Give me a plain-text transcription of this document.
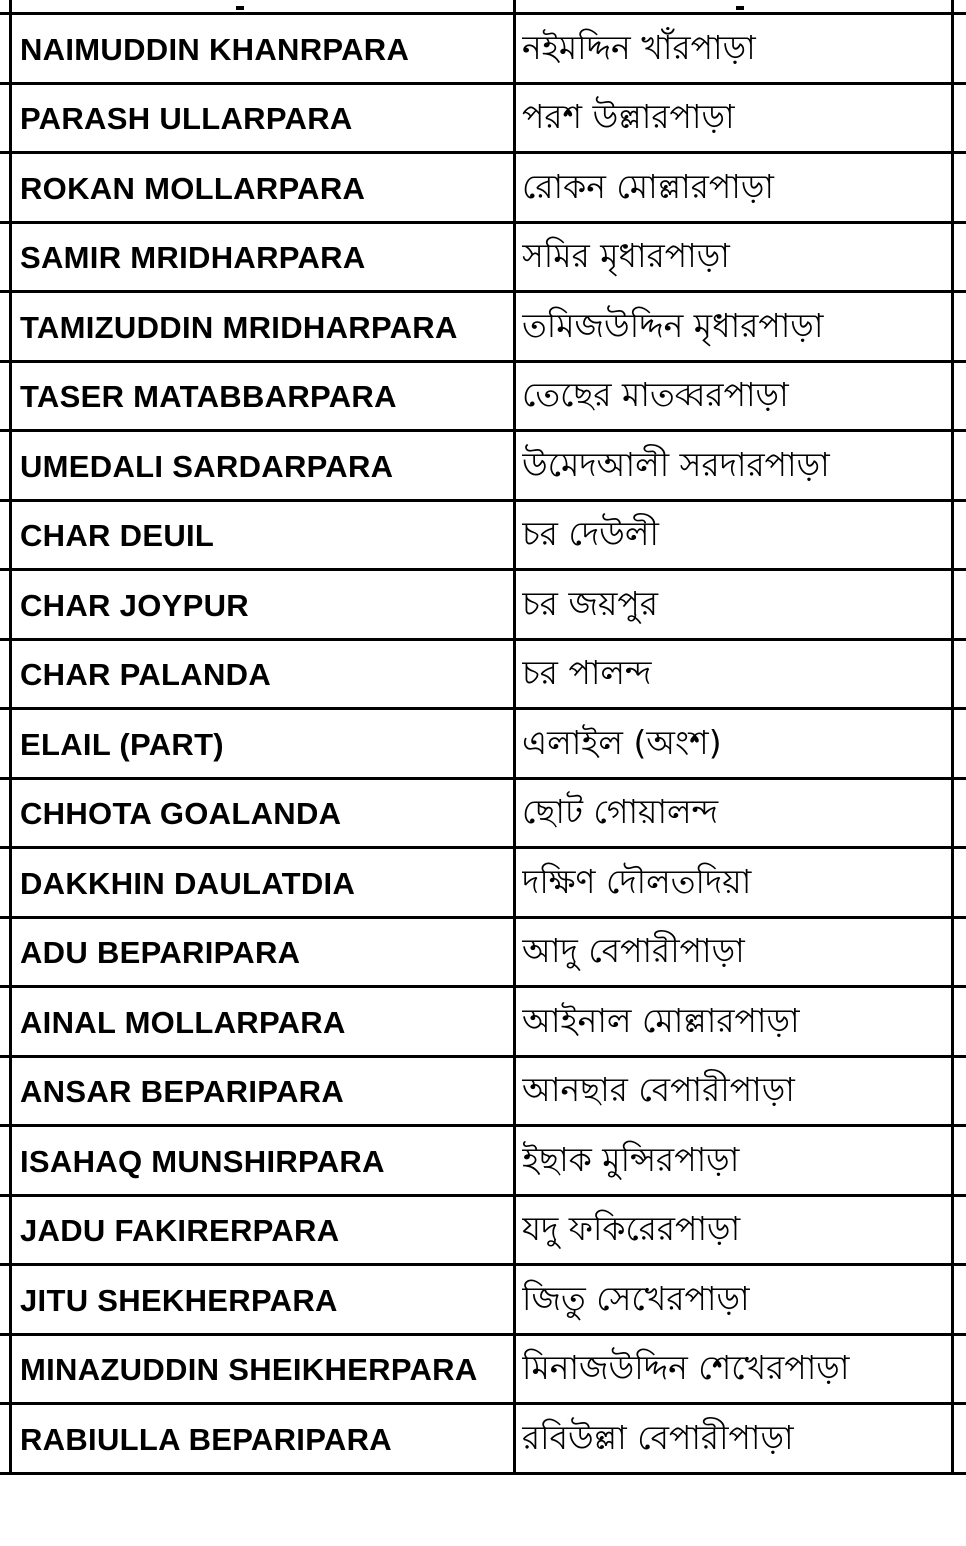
NAIMUDDIN KHANRPARA	নইমদ্দিন খাঁরপাড়া
PARASH ULLARPARA	পরশ উল্লারপাড়া
ROKAN MOLLARPARA	রোকন মোল্লারপাড়া
SAMIR MRIDHARPARA	সমির মৃধারপাড়া
TAMIZUDDIN MRIDHARPARA	তমিজউদ্দিন মৃধারপাড়া
TASER MATABBARPARA	তেছের মাতব্বরপাড়া
UMEDALI SARDARPARA	উমেদআলী সরদারপাড়া
CHAR DEUIL	চর দেউলী
CHAR JOYPUR	চর জয়পুর
CHAR PALANDA	চর পালন্দ
ELAIL (PART)	এলাইল (অংশ)
CHHOTA GOALANDA	ছোট গোয়ালন্দ
DAKKHIN DAULATDIA	দক্ষিণ দৌলতদিয়া
ADU BEPARIPARA	আদু বেপারীপাড়া
AINAL MOLLARPARA	আইনাল মোল্লারপাড়া
ANSAR BEPARIPARA	আনছার বেপারীপাড়া
ISAHAQ MUNSHIRPARA	ইছাক মুন্সিরপাড়া
JADU FAKIRERPARA	যদু ফকিরেরপাড়া
JITU SHEKHERPARA	জিতু সেখেরপাড়া
MINAZUDDIN SHEIKHERPARA	মিনাজউদ্দিন শেখেরপাড়া
RABIULLA BEPARIPARA	রবিউল্লা বেপারীপাড়া
